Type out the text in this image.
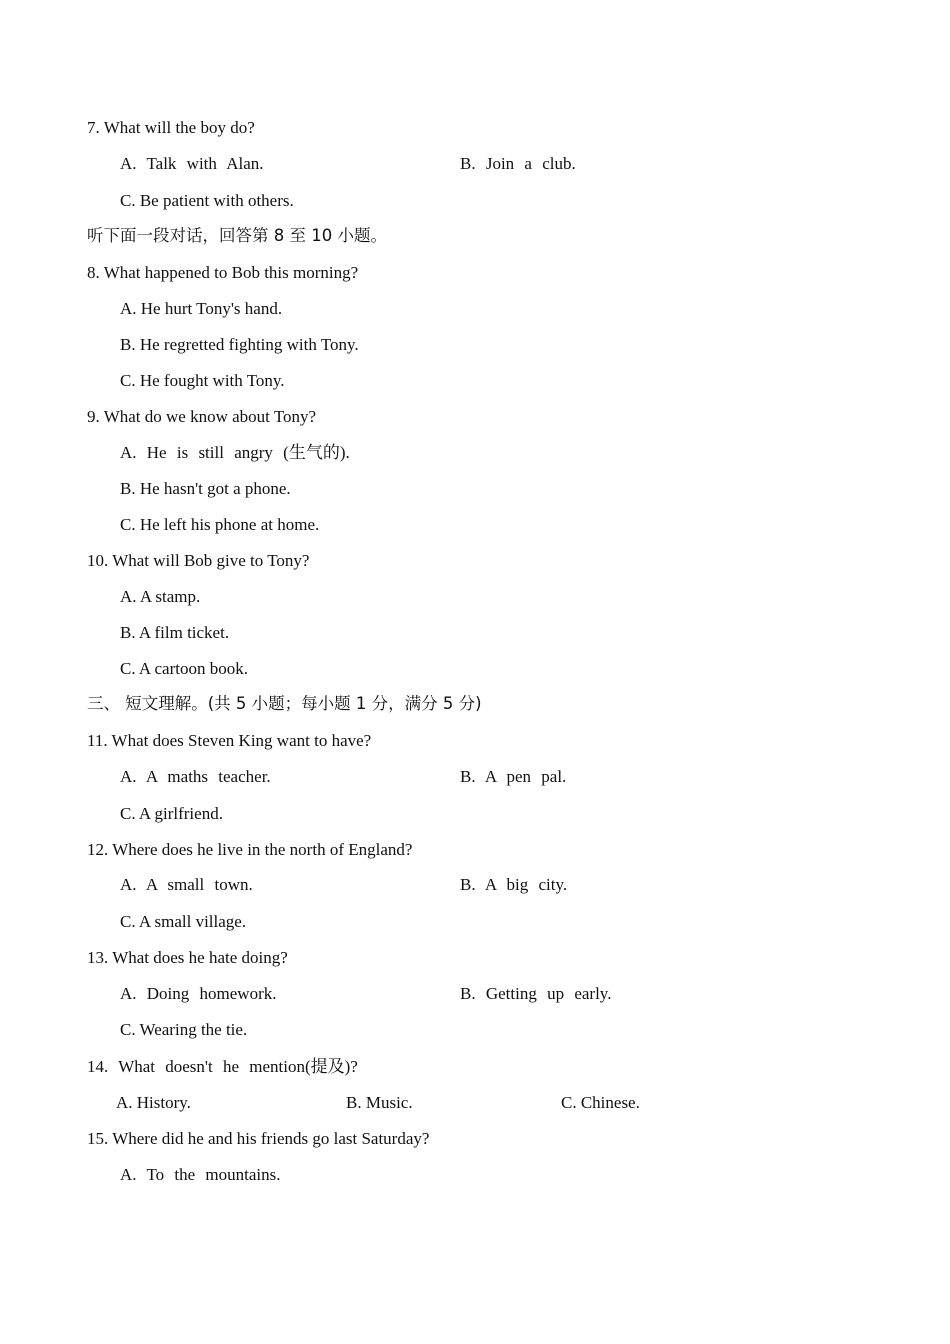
7. What will the boy do?
A. Talk with Alan.	B. Join a club.
C. Be patient with others.
听下面一段对话，回答第 8 至 10 小题。
8. What happened to Bob this morning?
A. He hurt Tony's hand.
B. He regretted fighting with Tony.
C. He fought with Tony.
9. What do we know about Tony?
A. He is still angry (生气的).
B. He hasn't got a phone.
C. He left his phone at home.
10. What will Bob give to Tony?
A. A stamp.
B. A film ticket.
C. A cartoon book.
三、 短文理解。(共 5 小题；每小题 1 分，满分 5 分)
11. What does Steven King want to have?
A. A maths teacher.	B. A pen pal.
C. A girlfriend.
12. Where does he live in the north of England?
A. A small town.	B. A big city.
C. A small village.
13. What does he hate doing?
A. Doing homework.	B. Getting up early.
C. Wearing the tie.
14. What doesn't he mention(提及)?
A. History.	B. Music.	C. Chinese.
15. Where did he and his friends go last Saturday?
A. To the mountains.
